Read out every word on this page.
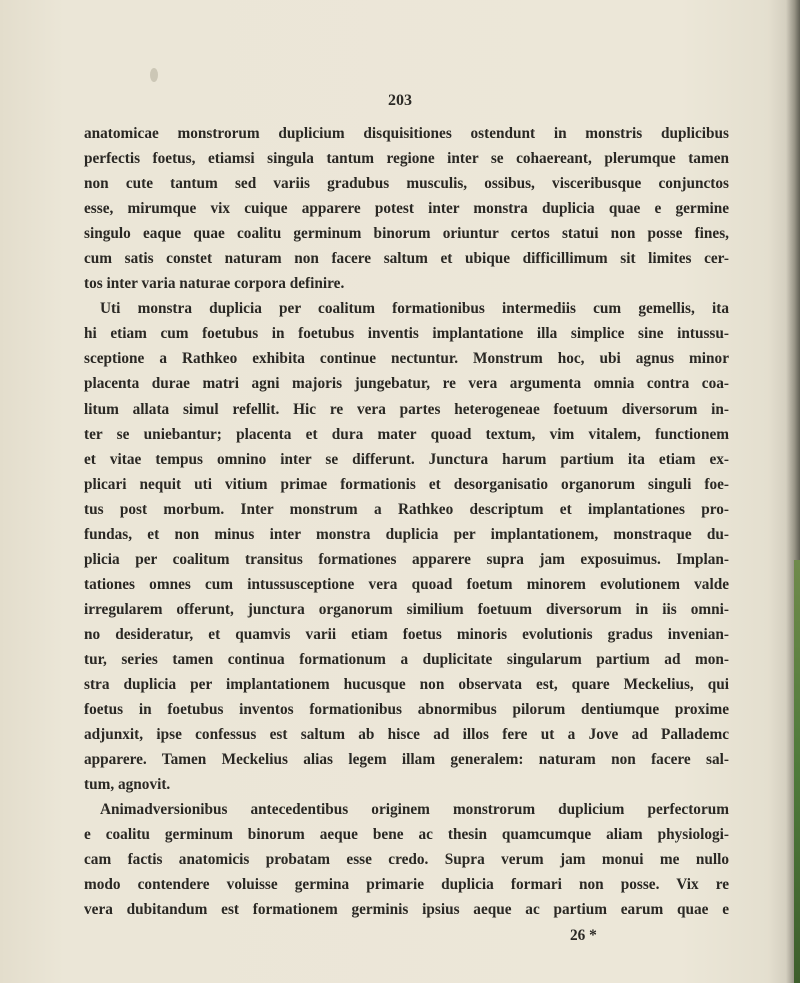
203
anatomicae monstrorum duplicium disquisitiones ostendunt in monstris duplicibus
perfectis foetus, etiamsi singula tantum regione inter se cohaereant, plerumque tamen
non cute tantum sed variis gradubus musculis, ossibus, visceribusque conjunctos
esse, mirumque vix cuique apparere potest inter monstra duplicia quae e germine
singulo eaque quae coalitu germinum binorum oriuntur certos statui non posse fines,
cum satis constet naturam non facere saltum et ubique difficillimum sit limites cer-
tos inter varia naturae corpora definire.
Uti monstra duplicia per coalitum formationibus intermediis cum gemellis, ita
hi etiam cum foetubus in foetubus inventis implantatione illa simplice sine intussu-
sceptione a Rathkeo exhibita continue nectuntur. Monstrum hoc, ubi agnus minor
placenta durae matri agni majoris jungebatur, re vera argumenta omnia contra coa-
litum allata simul refellit. Hic re vera partes heterogeneae foetuum diversorum in-
ter se uniebantur; placenta et dura mater quoad textum, vim vitalem, functionem
et vitae tempus omnino inter se differunt. Junctura harum partium ita etiam ex-
plicari nequit uti vitium primae formationis et desorganisatio organorum singuli foe-
tus post morbum. Inter monstrum a Rathkeo descriptum et implantationes pro-
fundas, et non minus inter monstra duplicia per implantationem, monstraque du-
plicia per coalitum transitus formationes apparere supra jam exposuimus. Implan-
tationes omnes cum intussusceptione vera quoad foetum minorem evolutionem valde
irregularem offerunt, junctura organorum similium foetuum diversorum in iis omni-
no desideratur, et quamvis varii etiam foetus minoris evolutionis gradus invenian-
tur, series tamen continua formationum a duplicitate singularum partium ad mon-
stra duplicia per implantationem hucusque non observata est, quare Meckelius, qui
foetus in foetubus inventos formationibus abnormibus pilorum dentiumque proxime
adjunxit, ipse confessus est saltum ab hisce ad illos fere ut a Jove ad Pallademc
apparere. Tamen Meckelius alias legem illam generalem: naturam non facere sal-
tum, agnovit.
Animadversionibus antecedentibus originem monstrorum duplicium perfectorum
e coalitu germinum binorum aeque bene ac thesin quamcumque aliam physiologi-
cam factis anatomicis probatam esse credo. Supra verum jam monui me nullo
modo contendere voluisse germina primarie duplicia formari non posse. Vix re
vera dubitandum est formationem germinis ipsius aeque ac partium earum quae e
26 *
